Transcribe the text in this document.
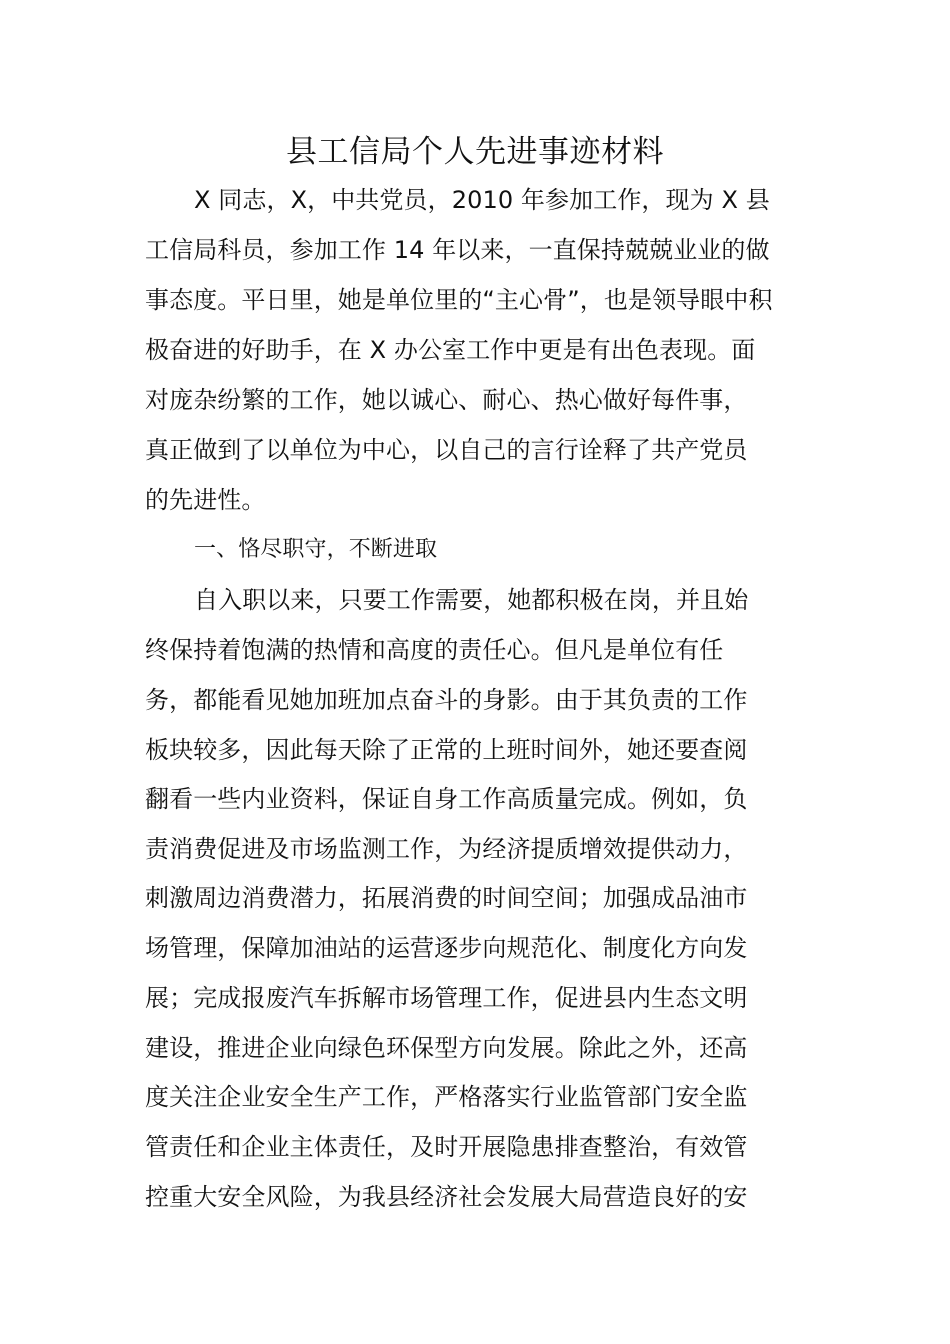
县工信局个人先进事迹材料
X 同志，X，中共党员，2010 年参加工作，现为 X 县
工信局科员，参加工作 14 年以来，一直保持兢兢业业的做
事态度。平日里，她是单位里的“主心骨”，也是领导眼中积
极奋进的好助手，在 X 办公室工作中更是有出色表现。面
对庞杂纷繁的工作，她以诚心、耐心、热心做好每件事，
真正做到了以单位为中心，以自己的言行诠释了共产党员
的先进性。
一、恪尽职守，不断进取
自入职以来，只要工作需要，她都积极在岗，并且始
终保持着饱满的热情和高度的责任心。但凡是单位有任
务，都能看见她加班加点奋斗的身影。由于其负责的工作
板块较多，因此每天除了正常的上班时间外，她还要查阅
翻看一些内业资料，保证自身工作高质量完成。例如，负
责消费促进及市场监测工作，为经济提质增效提供动力，
刺激周边消费潜力，拓展消费的时间空间；加强成品油市
场管理，保障加油站的运营逐步向规范化、制度化方向发
展；完成报废汽车拆解市场管理工作，促进县内生态文明
建设，推进企业向绿色环保型方向发展。除此之外，还高
度关注企业安全生产工作，严格落实行业监管部门安全监
管责任和企业主体责任，及时开展隐患排查整治，有效管
控重大安全风险，为我县经济社会发展大局营造良好的安
